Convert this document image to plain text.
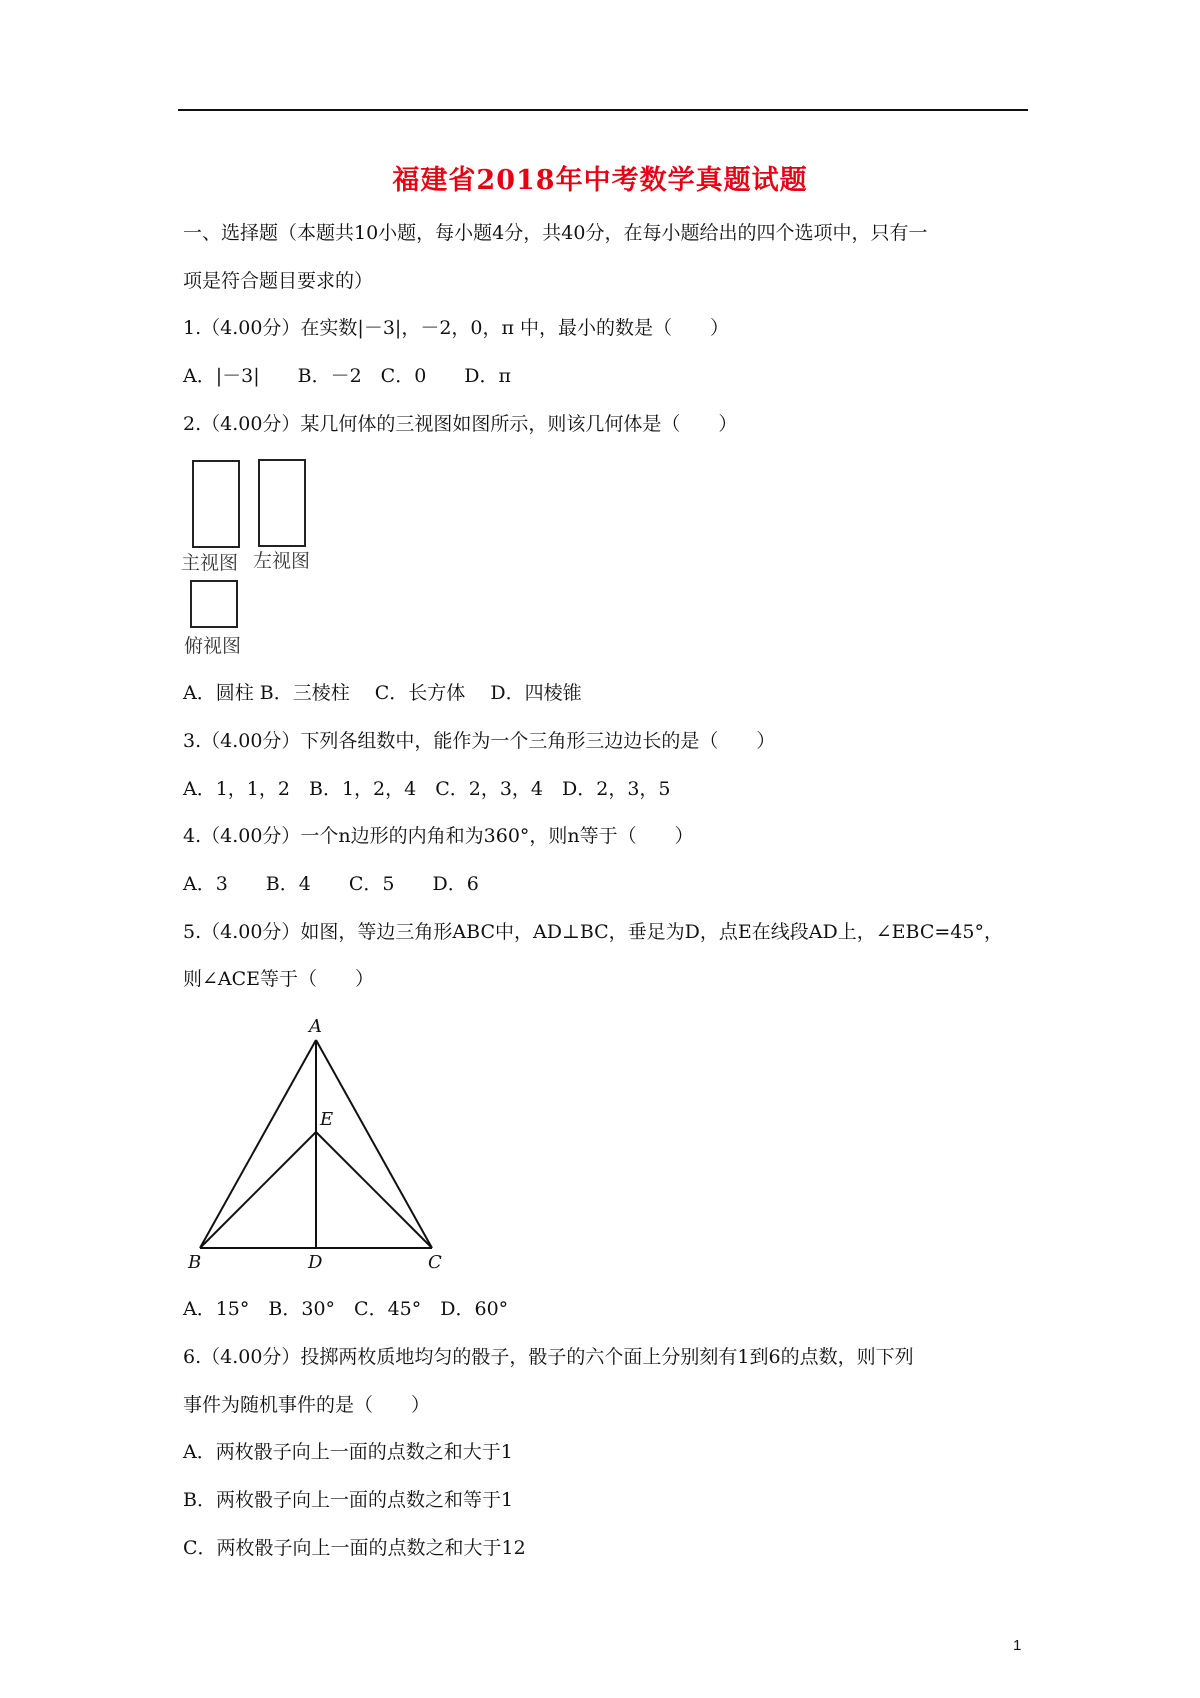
福建省2018年中考数学真题试题
一、选择题（本题共10小题，每小题4分，共40分，在每小题给出的四个选项中，只有一
项是符合题目要求的）
1.（4.00分）在实数|－3|，－2，0，π 中，最小的数是（　　）
A．|－3|　　B．－2　C．0　　D．π
2.（4.00分）某几何体的三视图如图所示，则该几何体是（　　）
主视图 左视图
俯视图
A．圆柱 B．三棱柱　 C．长方体　 D．四棱锥
3.（4.00分）下列各组数中，能作为一个三角形三边边长的是（　　）
A．1，1，2　B．1，2，4　C．2，3，4　D．2，3，5
4.（4.00分）一个n边形的内角和为360°，则n等于（　　）
A．3　　B．4　　C．5　　D．6
5.（4.00分）如图，等边三角形ABC中，AD⊥BC，垂足为D，点E在线段AD上，∠EBC=45°，
则∠ACE等于（　　）
A
E
B	D	C
A．15°　B．30°　C．45°　D．60°
6.（4.00分）投掷两枚质地均匀的骰子，骰子的六个面上分别刻有1到6的点数，则下列
事件为随机事件的是（　　）
A．两枚骰子向上一面的点数之和大于1
B．两枚骰子向上一面的点数之和等于1
C．两枚骰子向上一面的点数之和大于12
1
